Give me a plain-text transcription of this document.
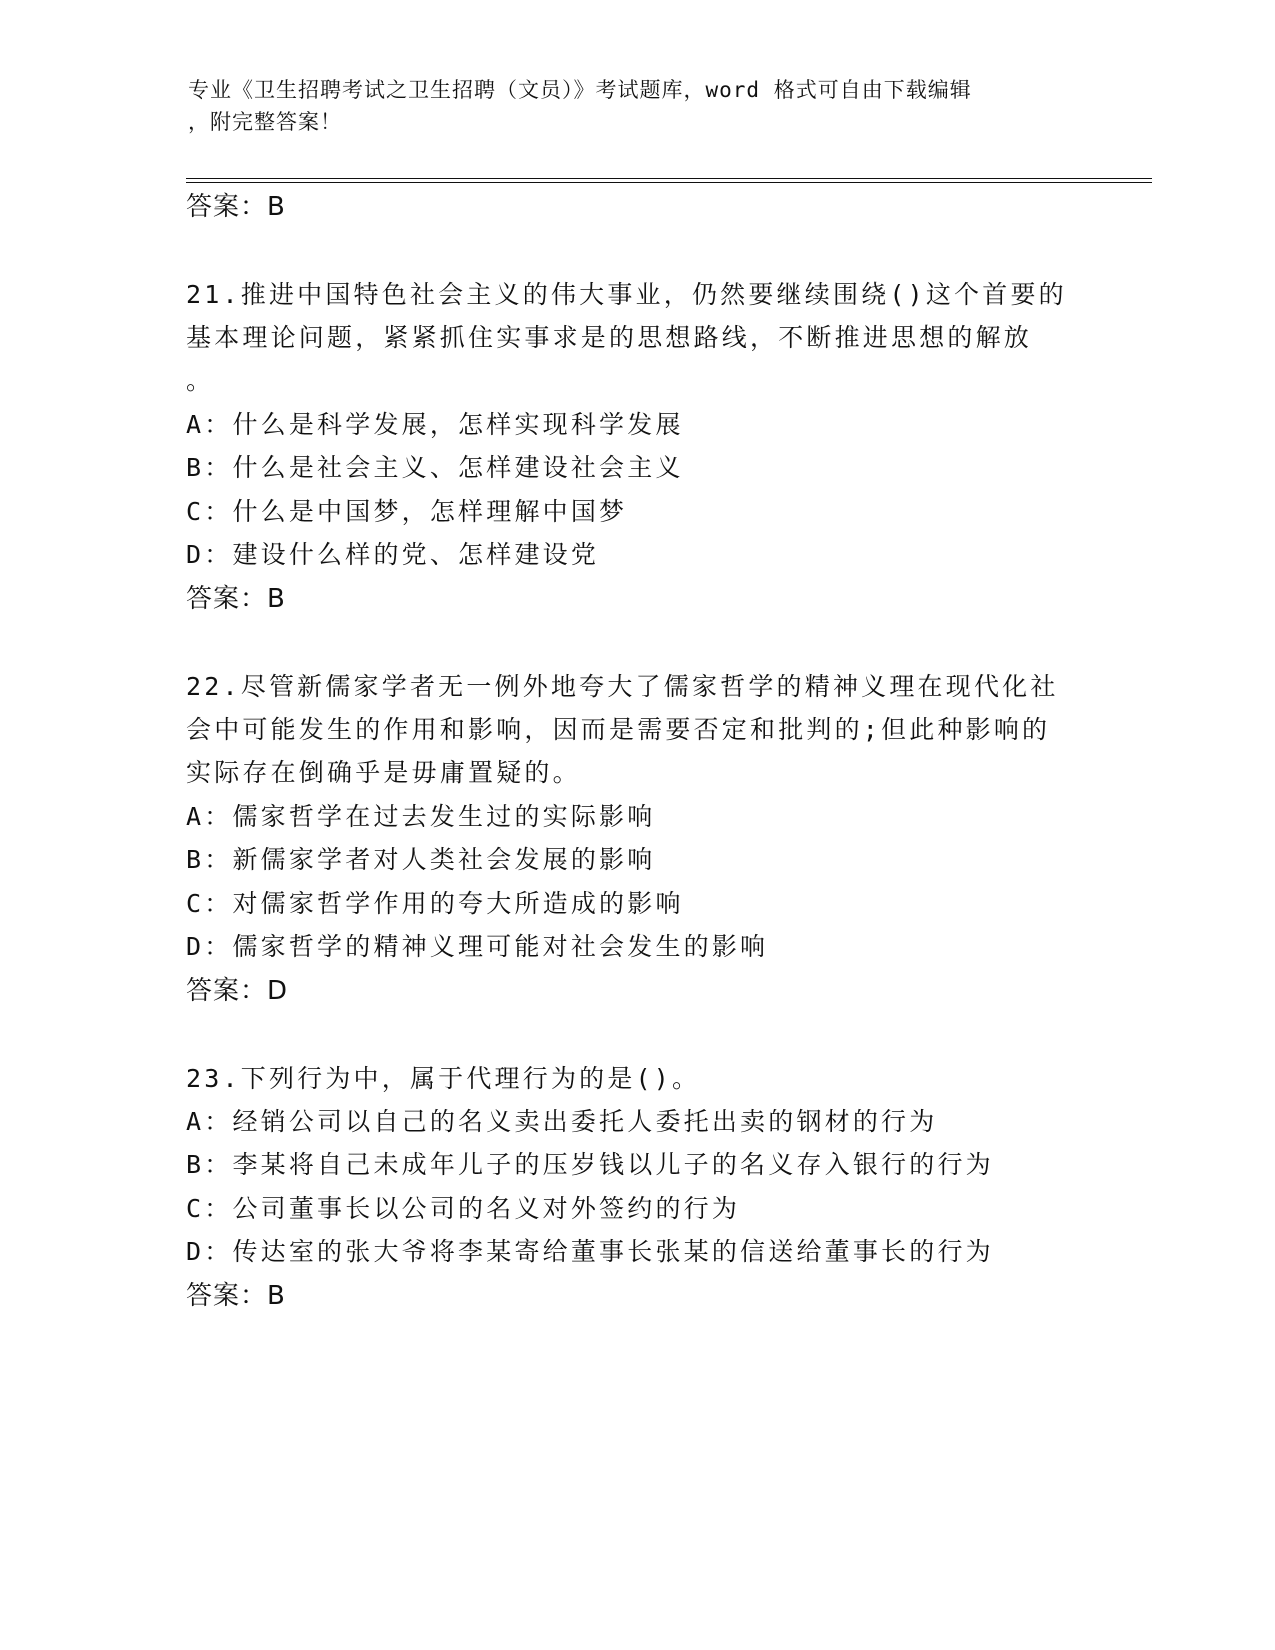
专业《卫生招聘考试之卫生招聘（文员）》考试题库，word 格式可自由下载编辑
，附完整答案！
答案：B
21.推进中国特色社会主义的伟大事业，仍然要继续围绕()这个首要的
基本理论问题，紧紧抓住实事求是的思想路线，不断推进思想的解放
。
A：什么是科学发展，怎样实现科学发展
B：什么是社会主义、怎样建设社会主义
C：什么是中国梦，怎样理解中国梦
D：建设什么样的党、怎样建设党
答案：B
22.尽管新儒家学者无一例外地夸大了儒家哲学的精神义理在现代化社
会中可能发生的作用和影响，因而是需要否定和批判的;但此种影响的
实际存在倒确乎是毋庸置疑的。
A：儒家哲学在过去发生过的实际影响
B：新儒家学者对人类社会发展的影响
C：对儒家哲学作用的夸大所造成的影响
D：儒家哲学的精神义理可能对社会发生的影响
答案：D
23.下列行为中，属于代理行为的是()。
A：经销公司以自己的名义卖出委托人委托出卖的钢材的行为
B：李某将自己未成年儿子的压岁钱以儿子的名义存入银行的行为
C：公司董事长以公司的名义对外签约的行为
D：传达室的张大爷将李某寄给董事长张某的信送给董事长的行为
答案：B
